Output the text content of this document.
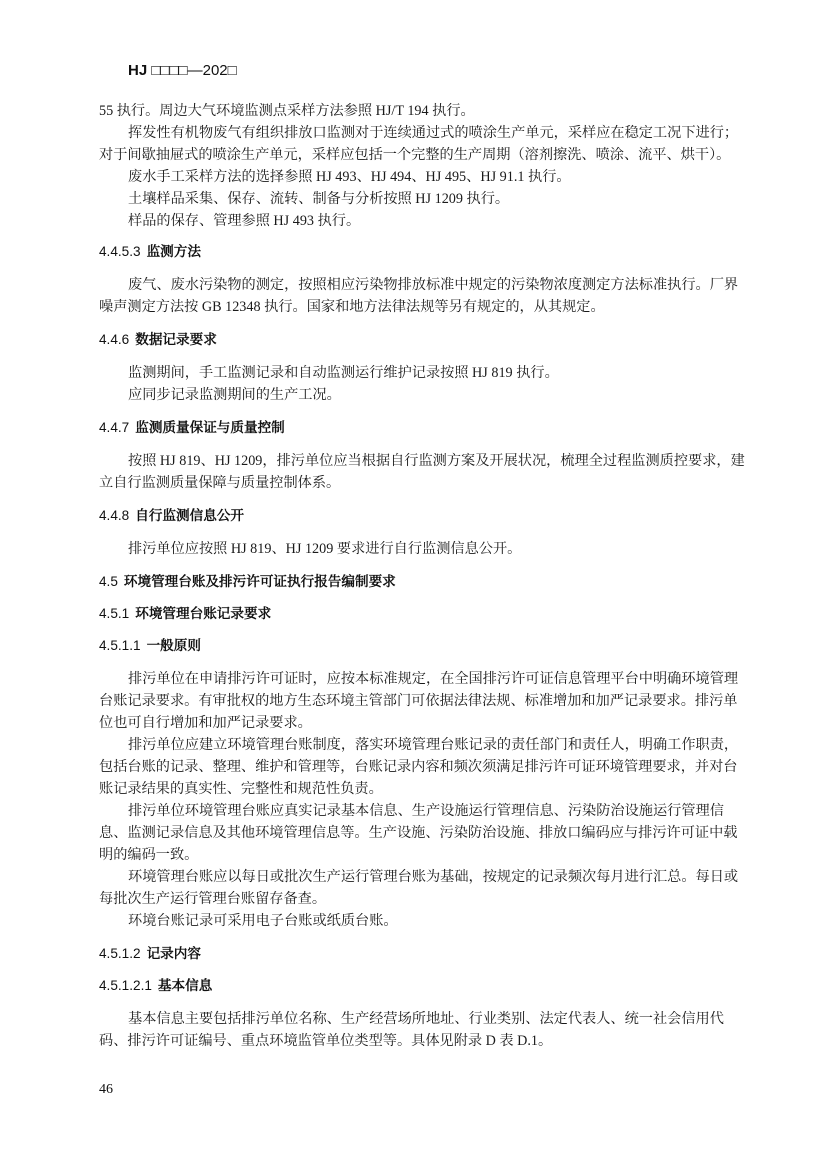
HJ □□□□—202□

55 执行。周边大气环境监测点采样方法参照 HJ/T 194 执行。

挥发性有机物废气有组织排放口监测对于连续通过式的喷涂生产单元，采样应在稳定工况下进行；对于间歇抽屉式的喷涂生产单元，采样应包括一个完整的生产周期（溶剂擦洗、喷涂、流平、烘干）。

废水手工采样方法的选择参照 HJ 493、HJ 494、HJ 495、HJ 91.1 执行。

土壤样品采集、保存、流转、制备与分析按照 HJ 1209 执行。

样品的保存、管理参照 HJ 493 执行。

4.4.5.3 监测方法

废气、废水污染物的测定，按照相应污染物排放标准中规定的污染物浓度测定方法标准执行。厂界噪声测定方法按 GB 12348 执行。国家和地方法律法规等另有规定的，从其规定。

4.4.6 数据记录要求

监测期间，手工监测记录和自动监测运行维护记录按照 HJ 819 执行。

应同步记录监测期间的生产工况。

4.4.7 监测质量保证与质量控制

按照 HJ 819、HJ 1209，排污单位应当根据自行监测方案及开展状况，梳理全过程监测质控要求，建立自行监测质量保障与质量控制体系。

4.4.8 自行监测信息公开

排污单位应按照 HJ 819、HJ 1209 要求进行自行监测信息公开。

4.5 环境管理台账及排污许可证执行报告编制要求

4.5.1 环境管理台账记录要求

4.5.1.1 一般原则

排污单位在申请排污许可证时，应按本标准规定，在全国排污许可证信息管理平台中明确环境管理台账记录要求。有审批权的地方生态环境主管部门可依据法律法规、标准增加和加严记录要求。排污单位也可自行增加和加严记录要求。

排污单位应建立环境管理台账制度，落实环境管理台账记录的责任部门和责任人，明确工作职责，包括台账的记录、整理、维护和管理等，台账记录内容和频次须满足排污许可证环境管理要求，并对台账记录结果的真实性、完整性和规范性负责。

排污单位环境管理台账应真实记录基本信息、生产设施运行管理信息、污染防治设施运行管理信息、监测记录信息及其他环境管理信息等。生产设施、污染防治设施、排放口编码应与排污许可证中载明的编码一致。

环境管理台账应以每日或批次生产运行管理台账为基础，按规定的记录频次每月进行汇总。每日或每批次生产运行管理台账留存备查。

环境台账记录可采用电子台账或纸质台账。

4.5.1.2 记录内容

4.5.1.2.1 基本信息

基本信息主要包括排污单位名称、生产经营场所地址、行业类别、法定代表人、统一社会信用代码、排污许可证编号、重点环境监管单位类型等。具体见附录 D 表 D.1。

46
